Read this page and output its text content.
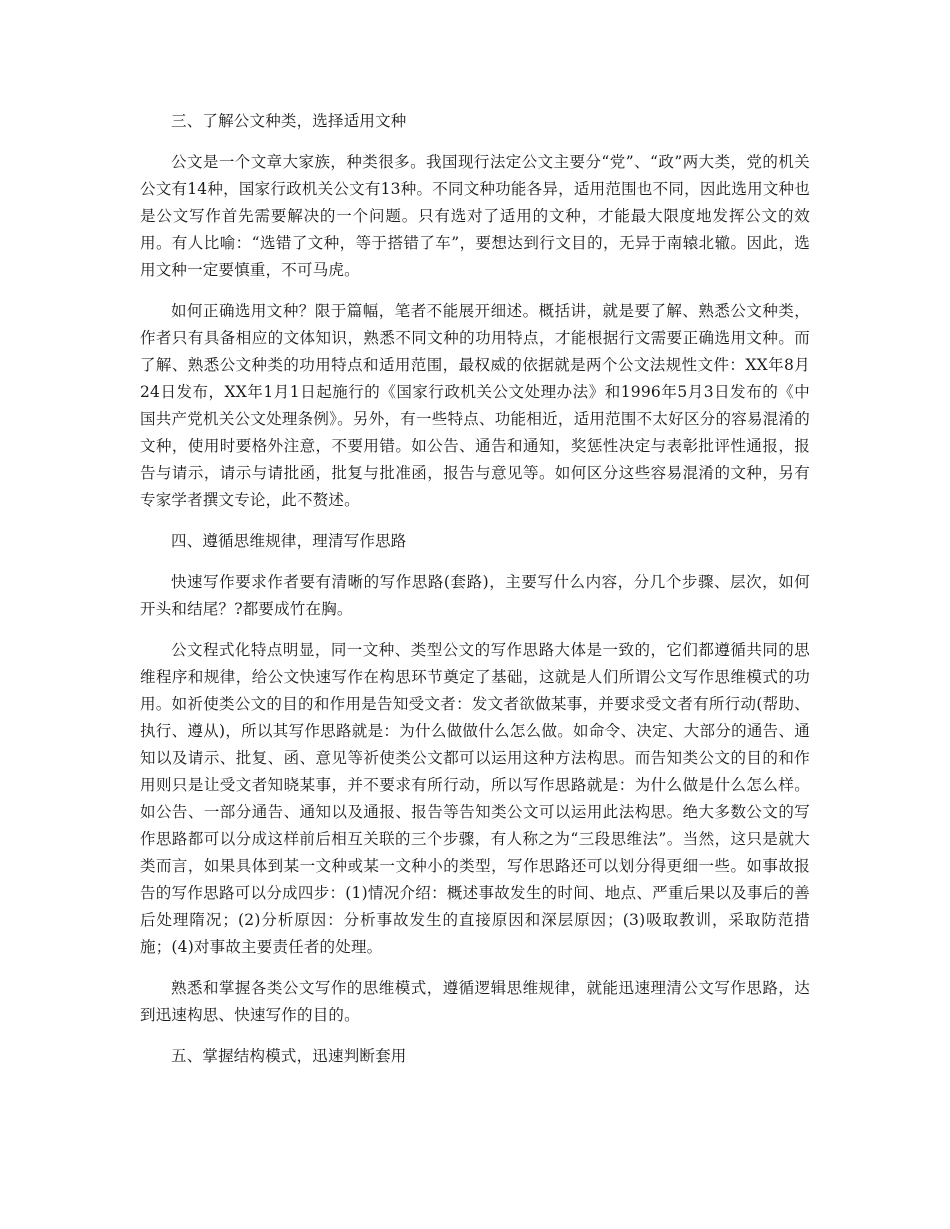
三、了解公文种类，选择适用文种

公文是一个文章大家族，种类很多。我国现行法定公文主要分“党”、“政”两大类，党的机关公文有14种，国家行政机关公文有13种。不同文种功能各异，适用范围也不同，因此选用文种也是公文写作首先需要解决的一个问题。只有选对了适用的文种，才能最大限度地发挥公文的效用。有人比喻：“选错了文种，等于搭错了车”，要想达到行文目的，无异于南辕北辙。因此，选用文种一定要慎重，不可马虎。

如何正确选用文种？限于篇幅，笔者不能展开细述。概括讲，就是要了解、熟悉公文种类，作者只有具备相应的文体知识，熟悉不同文种的功用特点，才能根据行文需要正确选用文种。而了解、熟悉公文种类的功用特点和适用范围，最权威的依据就是两个公文法规性文件：XX年8月24日发布，XX年1月1日起施行的《国家行政机关公文处理办法》和1996年5月3日发布的《中国共产党机关公文处理条例》。另外，有一些特点、功能相近，适用范围不太好区分的容易混淆的文种，使用时要格外注意，不要用错。如公告、通告和通知，奖惩性决定与表彰批评性通报，报告与请示，请示与请批函，批复与批准函，报告与意见等。如何区分这些容易混淆的文种，另有专家学者撰文专论，此不赘述。

四、遵循思维规律，理清写作思路

快速写作要求作者要有清晰的写作思路(套路)，主要写什么内容，分几个步骤、层次，如何开头和结尾？?都要成竹在胸。

公文程式化特点明显，同一文种、类型公文的写作思路大体是一致的，它们都遵循共同的思维程序和规律，给公文快速写作在构思环节奠定了基础，这就是人们所谓公文写作思维模式的功用。如祈使类公文的目的和作用是告知受文者：发文者欲做某事，并要求受文者有所行动(帮助、执行、遵从)，所以其写作思路就是：为什么做做什么怎么做。如命令、决定、大部分的通告、通知以及请示、批复、函、意见等祈使类公文都可以运用这种方法构思。而告知类公文的目的和作用则只是让受文者知晓某事，并不要求有所行动，所以写作思路就是：为什么做是什么怎么样。如公告、一部分通告、通知以及通报、报告等告知类公文可以运用此法构思。绝大多数公文的写作思路都可以分成这样前后相互关联的三个步骤，有人称之为“三段思维法”。当然，这只是就大类而言，如果具体到某一文种或某一文种小的类型，写作思路还可以划分得更细一些。如事故报告的写作思路可以分成四步：(1)情况介绍：概述事故发生的时间、地点、严重后果以及事后的善后处理隋况；(2)分析原因：分析事故发生的直接原因和深层原因；(3)吸取教训，采取防范措施；(4)对事故主要责任者的处理。

熟悉和掌握各类公文写作的思维模式，遵循逻辑思维规律，就能迅速理清公文写作思路，达到迅速构思、快速写作的目的。

五、掌握结构模式，迅速判断套用
